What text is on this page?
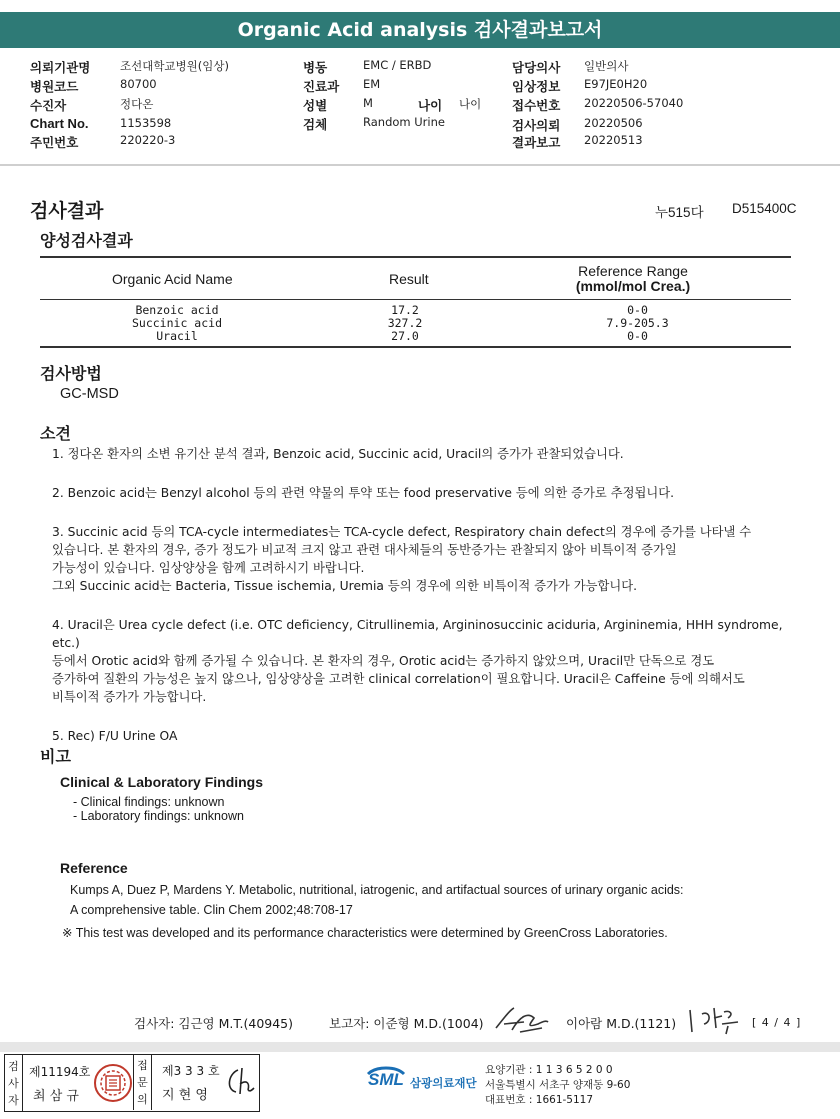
Organic Acid analysis 검사결과보고서
의뢰기관명	조선대학교병원(임상)
병원코드	80700
수진자	정다온
Chart No.	1153598
주민번호	220220-3
병동	EMC / ERBD
진료과 EM
성별	M	나이 나이
검체	Random Urine
담당의사 일반의사
임상정보 E97JE0H20
접수번호 20220506-57040
검사의뢰 20220506
결과보고 20220513
검사결과	누515다 D515400C
양성검사결과
Organic Acid Name	Result	Reference Range
(mmol/mol Crea.)
Benzoic acid	17.2	0-0
Succinic acid	327.2	7.9-205.3
Uracil	27.0	0-0
검사방법
GC-MSD
소견
1. 정다온 환자의 소변 유기산 분석 결과, Benzoic acid, Succinic acid, Uracil의 증가가 관찰되었습니다.
2. Benzoic acid는 Benzyl alcohol 등의 관련 약물의 투약 또는 food preservative 등에 의한 증가로 추정됩니다.
3. Succinic acid 등의 TCA-cycle intermediates는 TCA-cycle defect, Respiratory chain defect의 경우에 증가를 나타낼 수
있습니다. 본 환자의 경우, 증가 정도가 비교적 크지 않고 관련 대사체들의 동반증가는 관찰되지 않아 비특이적 증가일
가능성이 있습니다. 임상양상을 함께 고려하시기 바랍니다.
그외 Succinic acid는 Bacteria, Tissue ischemia, Uremia 등의 경우에 의한 비특이적 증가가 가능합니다.
4. Uracil은 Urea cycle defect (i.e. OTC deficiency, Citrullinemia, Argininosuccinic aciduria, Argininemia, HHH syndrome, etc.)
등에서 Orotic acid와 함께 증가될 수 있습니다. 본 환자의 경우, Orotic acid는 증가하지 않았으며, Uracil만 단독으로 경도
증가하여 질환의 가능성은 높지 않으나, 임상양상을 고려한 clinical correlation이 필요합니다. Uracil은 Caffeine 등에 의해서도
비특이적 증가가 가능합니다.
5. Rec) F/U Urine OA
비고
Clinical & Laboratory Findings
- Clinical findings: unknown
- Laboratory findings: unknown
Reference
Kumps A, Duez P, Mardens Y. Metabolic, nutritional, iatrogenic, and artifactual sources of urinary organic acids:
A comprehensive table. Clin Chem 2002;48:708-17
※ This test was developed and its performance characteristics were determined by GreenCross Laboratories.
검사자: 김근영 M.T.(40945)	보고자: 이준형 M.D.(1004)	이아람 M.D.(1121)	[ 4 / 4 ]
검
사
자
제11194호
최 삼 규
접
문
의
제3 3 3 호
지 현 영
SML 삼광의료재단
요양기관 : 1 1 3 6 5 2 0 0
서울특별시 서초구 양재동 9-60
대표번호 : 1661-5117
